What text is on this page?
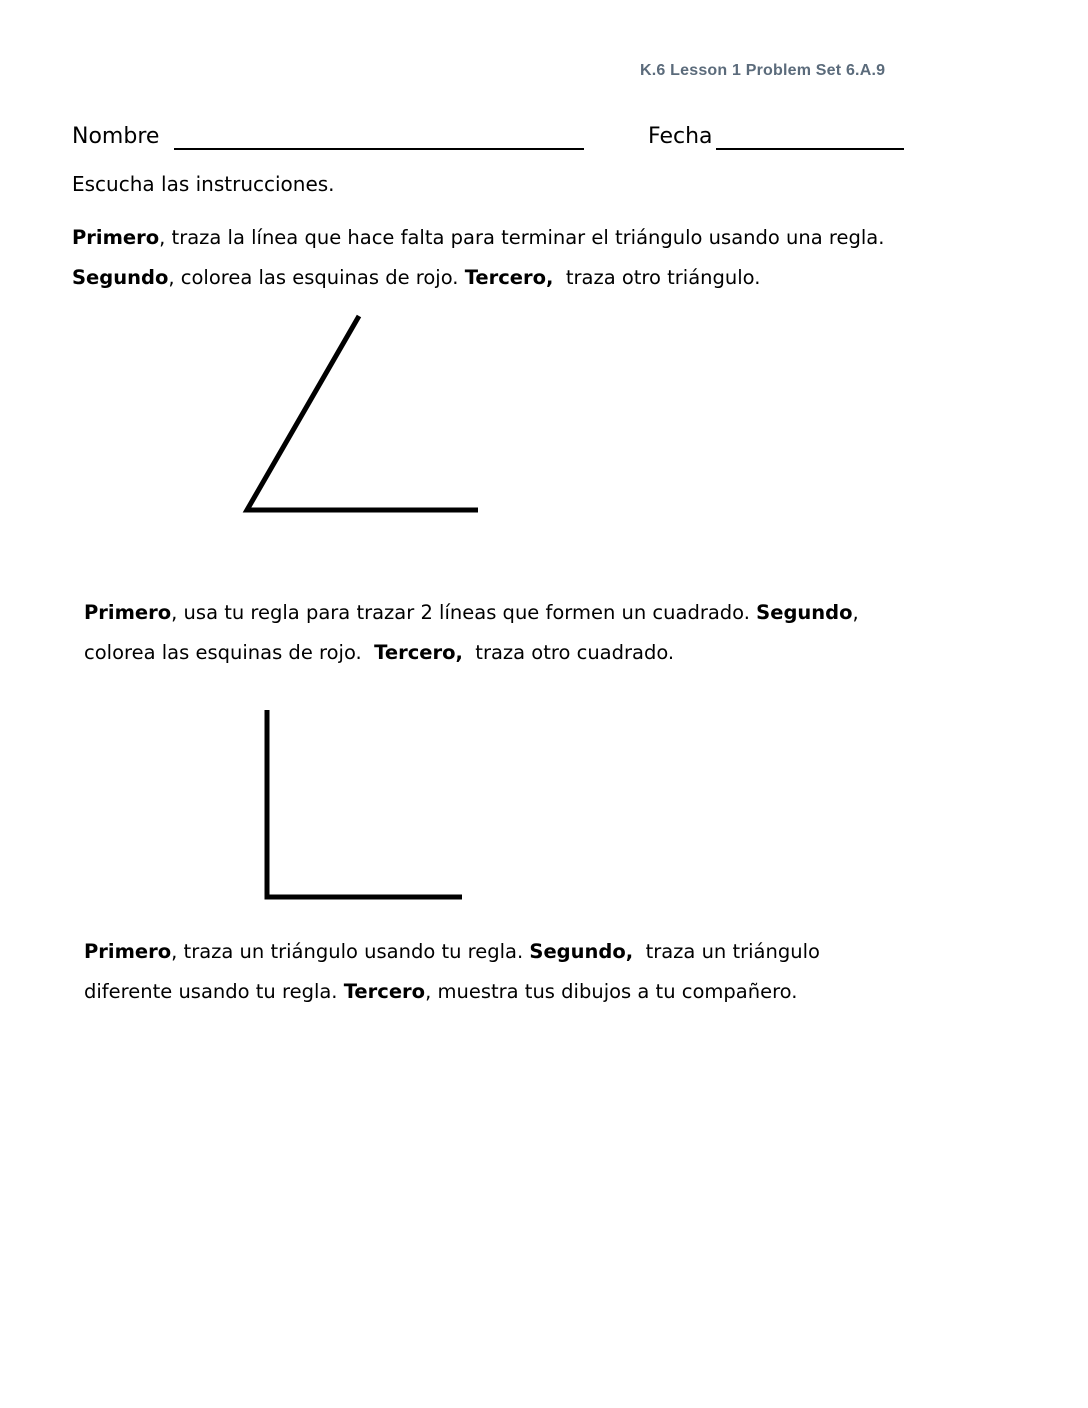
K.6 Lesson 1 Problem Set 6.A.9
Nombre	Fecha
Escucha las instrucciones.
Primero, traza la línea que hace falta para terminar el triángulo usando una regla.
Segundo, colorea las esquinas de rojo. Tercero,  traza otro triángulo.
Primero, usa tu regla para trazar 2 líneas que formen un cuadrado. Segundo,
colorea las esquinas de rojo.  Tercero,  traza otro cuadrado.
Primero, traza un triángulo usando tu regla. Segundo,  traza un triángulo
diferente usando tu regla. Tercero, muestra tus dibujos a tu compañero.
